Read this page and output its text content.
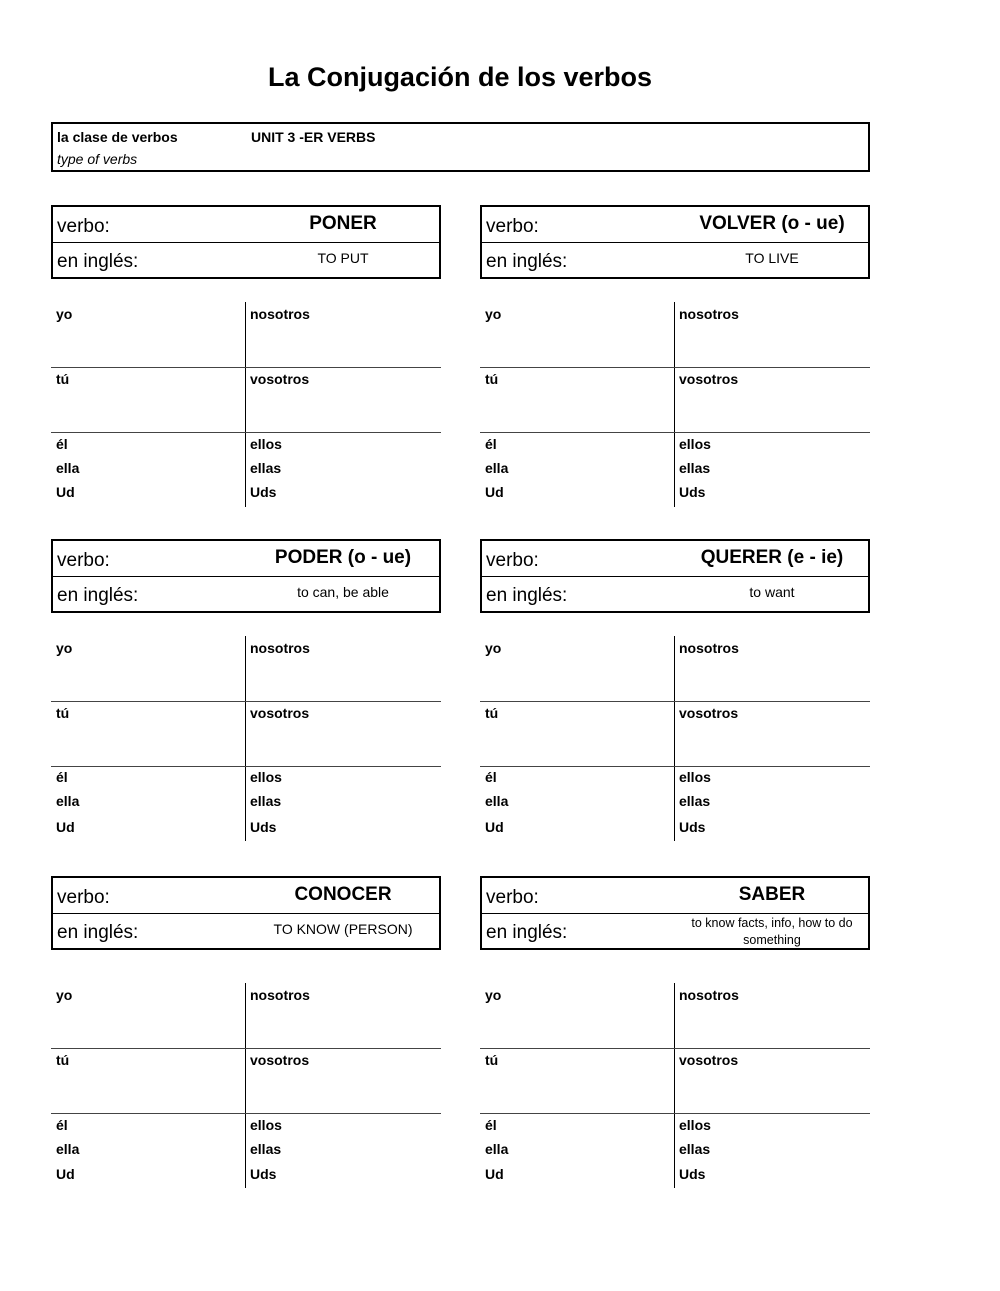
La Conjugación de los verbos
la clase de verbos	UNIT 3 -ER VERBS
type of verbs
verbo:	PONER
en inglés:	TO PUT
verbo:	VOLVER (o - ue)
en inglés:	TO LIVE
yo	nosotros
tú	vosotros
él	ellos
ella	ellas
Ud	Uds
yo	nosotros
tú	vosotros
él	ellos
ella	ellas
Ud	Uds
verbo:	PODER (o - ue)
en inglés:	to can, be able
verbo:	QUERER (e - ie)
en inglés:	to want
yo	nosotros
tú	vosotros
él	ellos
ella	ellas
Ud	Uds
yo	nosotros
tú	vosotros
él	ellos
ella	ellas
Ud	Uds
verbo:	CONOCER
en inglés:	TO KNOW (PERSON)
verbo:	SABER
en inglés:	to know facts, info, how to do something
yo	nosotros
tú	vosotros
él	ellos
ella	ellas
Ud	Uds
yo	nosotros
tú	vosotros
él	ellos
ella	ellas
Ud	Uds
